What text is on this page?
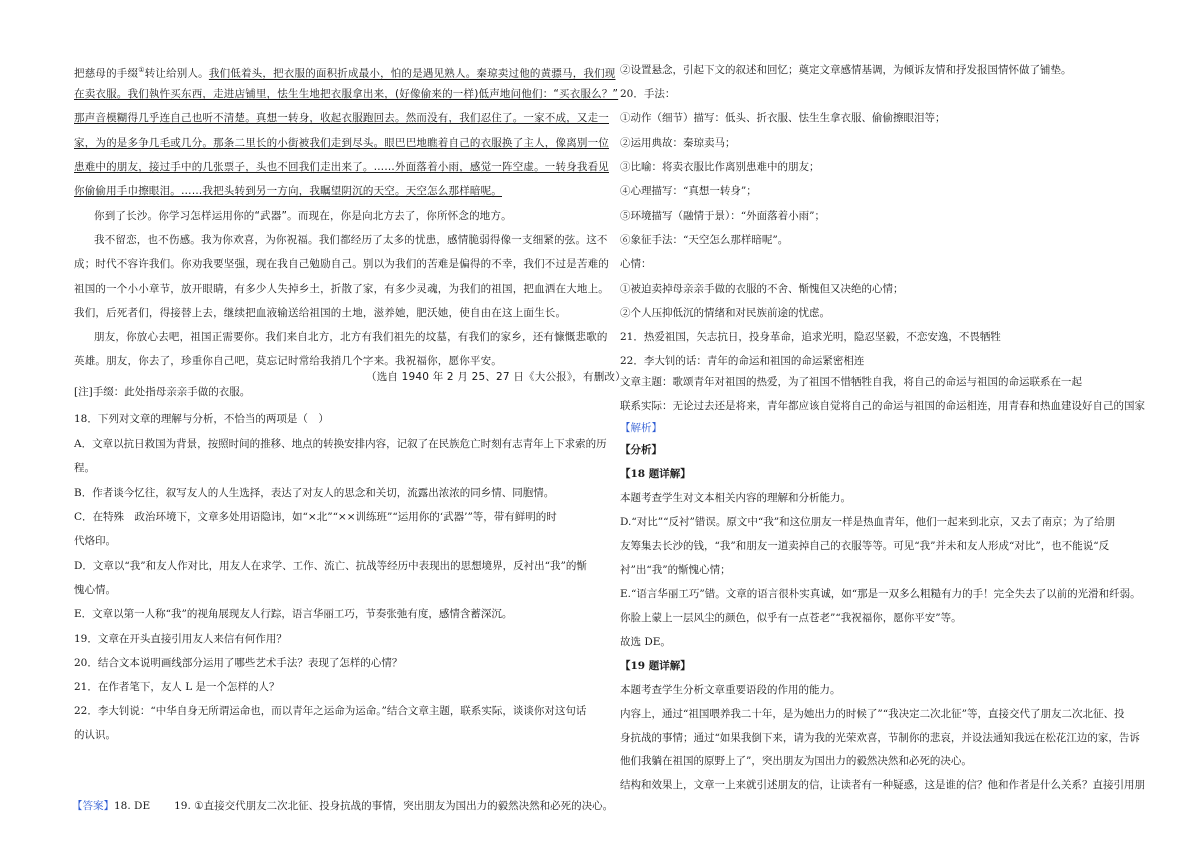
把慈母的手缀①转让给别人。我们低着头，把衣服的面积折成最小，怕的是遇见熟人。秦琼卖过他的黄骠马，我们现
在卖衣服。我们執忤买东西，走进店铺里，怯生生地把衣服拿出来，(好像偷来的一样)低声地问他们：“买衣服么？”
那声音模糊得几乎连自己也听不清楚。真想一转身，收起衣服跑回去。然而没有，我们忍住了。一家不成，又走一
家，为的是多争几毛或几分。那条二里长的小街被我们走到尽头。眼巴巴地瞧着自己的衣服换了主人，像离别一位
患难中的朋友，接过手中的几张票子，头也不回我们走出来了。……外面落着小雨，感觉一阵空虚。一转身我看见
你偷偷用手巾擦眼泪。……我把头转到另一方向，我瞩望阴沉的天空。天空怎么那样暗呢。
你到了长沙。你学习怎样运用你的“武器”。而现在，你是向北方去了，你所怀念的地方。
我不留恋，也不伤感。我为你欢喜，为你祝福。我们都经历了太多的忧患，感情脆弱得像一支细紧的弦。这不
成；时代不容许我们。你劝我要坚强，现在我自己勉励自己。别以为我们的苦难是偏得的不幸，我们不过是苦难的
祖国的一个小小章节，放开眼睛，有多少人失掉乡土，折散了家，有多少灵魂，为我们的祖国，把血洒在大地上。
我们，后死者们，得接替上去，继续把血液输送给祖国的土地，滋养她，肥沃她，使自由在这上面生长。
朋友，你放心去吧，祖国正需要你。我们来自北方，北方有我们祖先的坟墓，有我们的家乡，还有慷慨悲歌的
英雄。朋友，你去了，珍重你自己吧，莫忘记时常给我捎几个字来。我祝福你，愿你平安。
（选自 1940 年 2 月 25、27 日《大公报》，有删改）
[注]手缀：此处指母亲亲手做的衣服。
18．下列对文章的理解与分析，不恰当的两项是（　）
A．文章以抗日救国为背景，按照时间的推移、地点的转换安排内容，记叙了在民族危亡时刻有志青年上下求索的历
程。
B．作者谈今忆往，叙写友人的人生选择，表达了对友人的思念和关切，流露出浓浓的同乡情、同胞情。
C．在特殊　政治环境下，文章多处用语隐讳，如“×北”“××训练班”“运用你的‘武器’”等，带有鲜明的时
代烙印。
D．文章以“我”和友人作对比，用友人在求学、工作、流亡、抗战等经历中表现出的思想境界，反衬出“我”的惭
愧心情。
E．文章以第一人称“我”的视角展现友人行踪，语言华丽工巧，节奏张弛有度，感情含蓄深沉。
19．文章在开头直接引用友人来信有何作用？
20．结合文本说明画线部分运用了哪些艺术手法？表现了怎样的心情？
21．在作者笔下，友人 L 是一个怎样的人？
22．李大钊说：“中华自身无所谓运命也，而以青年之运命为运命。”结合文章主题，联系实际，谈谈你对这句话
的认识。
【答案】18. DE 19. ①直接交代朋友二次北征、投身抗战的事情，突出朋友为国出力的毅然决然和必死的决心。
②设置悬念，引起下文的叙述和回忆；奠定文章感情基调，为倾诉友情和抒发报国情怀做了铺垫。
20．手法：
①动作（细节）描写：低头、折衣服、怯生生拿衣服、偷偷擦眼泪等；
②运用典故：秦琼卖马；
③比喻：将卖衣服比作离别患难中的朋友；
④心理描写：“真想一转身”；
⑤环境描写（融情于景）：“外面落着小雨”；
⑥象征手法：“天空怎么那样暗呢”。
心情：
①被迫卖掉母亲亲手做的衣服的不舍、惭愧但又决绝的心情；
②个人压抑低沉的情绪和对民族前途的忧虑。
21．热爱祖国，矢志抗日，投身革命，追求光明，隐忍坚毅，不恋安逸，不畏牺牲
22．李大钊的话：青年的命运和祖国的命运紧密相连
文章主题：歌颂青年对祖国的热爱，为了祖国不惜牺牲自我，将自己的命运与祖国的命运联系在一起
联系实际：无论过去还是将来，青年都应该自觉将自己的命运与祖国的命运相连，用青春和热血建设好自己的国家
【解析】
【分析】
【18 题详解】
本题考查学生对文本相关内容的理解和分析能力。
D.“对比”“反衬”错误。原文中“我”和这位朋友一样是热血青年，他们一起来到北京，又去了南京；为了给朋
友筹集去长沙的钱，“我”和朋友一道卖掉自己的衣服等等。可见“我”并未和友人形成“对比”，也不能说“反
衬”出“我”的惭愧心情；
E.“语言华丽工巧”错。文章的语言很朴实真诚，如“那是一双多么粗糙有力的手！完全失去了以前的光滑和纤弱。
你脸上蒙上一层风尘的颜色，似乎有一点苍老”“我祝福你，愿你平安”等。
故选 DE。
【19 题详解】
本题考查学生分析文章重要语段的作用的能力。
内容上，通过“祖国喂养我二十年，是为她出力的时候了”“我决定二次北征”等，直接交代了朋友二次北征、投
身抗战的事情；通过“如果我倒下来，请为我的光荣欢喜，节制你的悲哀，并设法通知我远在松花江边的家，告诉
他们我躺在祖国的原野上了”，突出朋友为国出力的毅然决然和必死的决心。
结构和效果上，文章一上来就引述朋友的信，让读者有一种疑惑，这是谁的信？他和作者是什么关系？直接引用朋
